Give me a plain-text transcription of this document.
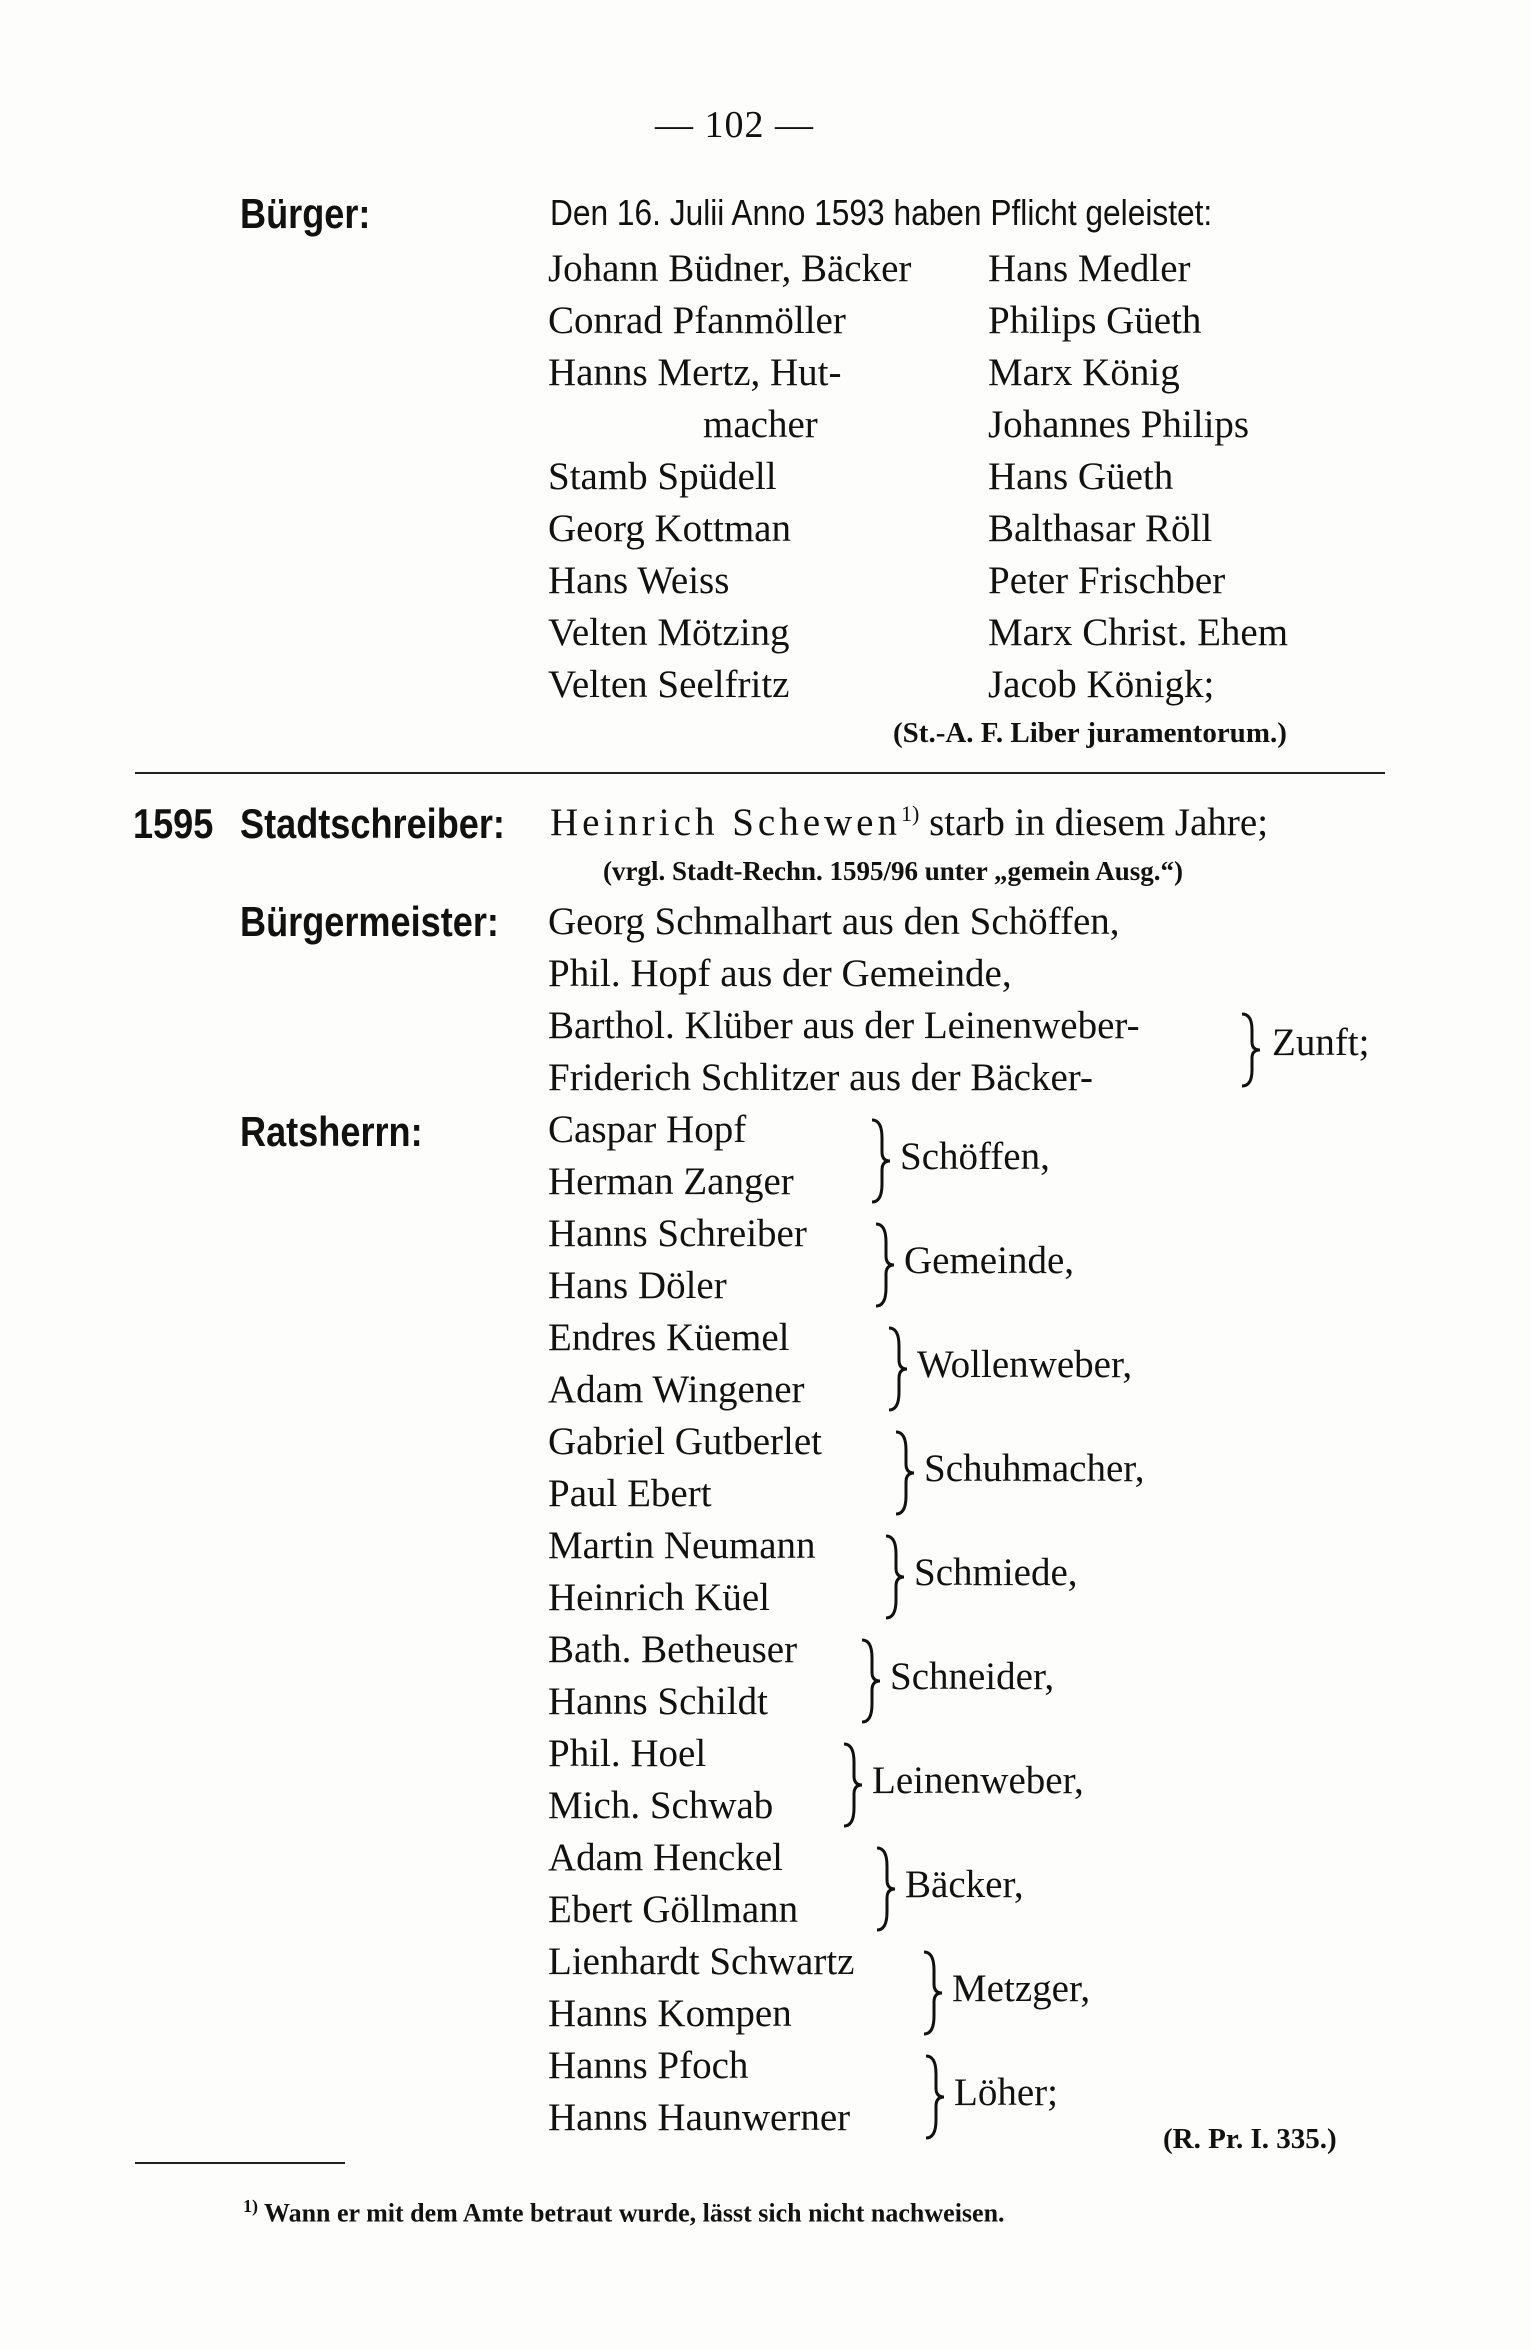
— 102 —
Bürger:	Den 16. Julii Anno 1593 haben Pflicht geleistet:
Johann Büdner, Bäcker
Conrad Pfanmöller
Hanns Mertz, Hut-
macher
Stamb Spüdell
Georg Kottman
Hans Weiss
Velten Mötzing
Velten Seelfritz
Hans Medler
Philips Güeth
Marx König
Johannes Philips
Hans Güeth
Balthasar Röll
Peter Frischber
Marx Christ. Ehem
Jacob Königk;
(St.-A. F. Liber juramentorum.)
1595 Stadtschreiber: Heinrich Schewen$^{1)}$ starb in diesem Jahre;
(vrgl. Stadt-Rechn. 1595/96 unter „gemein Ausg.“)
Bürgermeister: Georg Schmalhart aus den Schöffen,
Phil. Hopf aus der Gemeinde,
Barthol. Klüber aus der Leinenweber-
Friderich Schlitzer aus der Bäcker-
Zunft;
Ratsherrn:	Caspar Hopf
Herman Zanger
Schöffen,
Hanns Schreiber
Hans Döler
Gemeinde,
Endres Küemel
Adam Wingener
Wollenweber,
Gabriel Gutberlet
Paul Ebert
Schuhmacher,
Martin Neumann
Heinrich Küel
Schmiede,
Bath. Betheuser
Hanns Schildt
Schneider,
Phil. Hoel
Mich. Schwab
Leinenweber,
Adam Henckel
Ebert Göllmann
Bäcker,
Lienhardt Schwartz
Hanns Kompen
Metzger,
Hanns Pfoch
Hanns Haunwerner
Löher;
(R. Pr. I. 335.)
$^{1)}$ Wann er mit dem Amte betraut wurde, lässt sich nicht nachweisen.
